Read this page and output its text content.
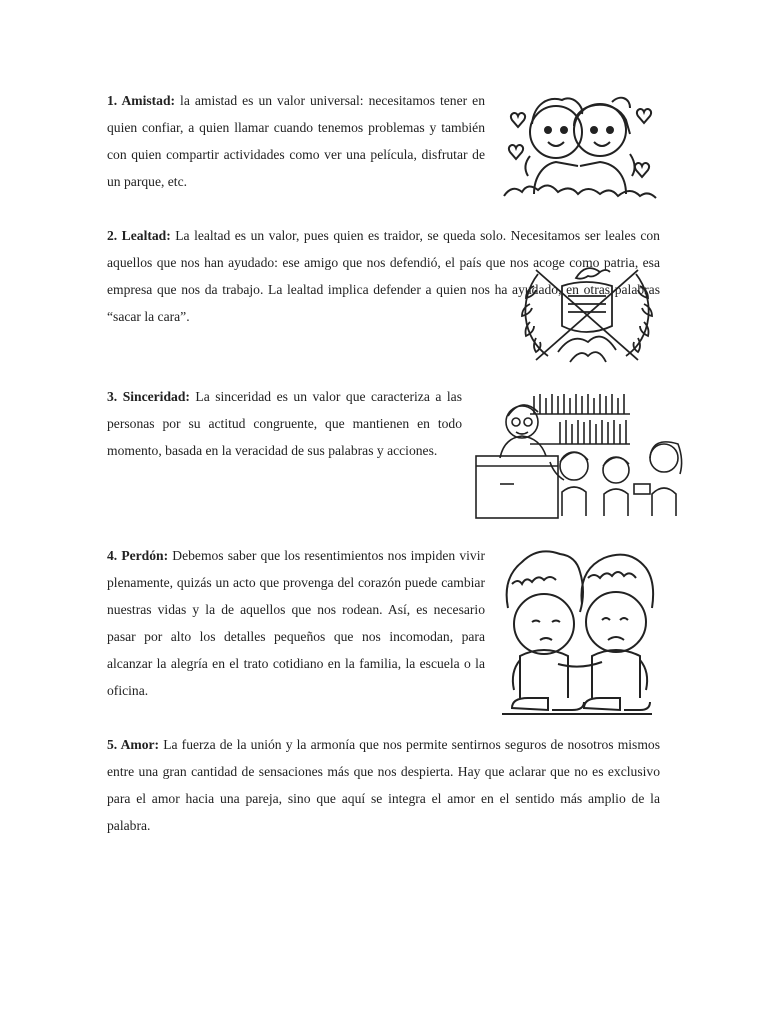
1. Amistad: la amistad es un valor universal: necesitamos tener en quien confiar, a quien llamar cuando tenemos problemas y también con quien compartir actividades como ver una película, disfrutar de un parque, etc.
2. Lealtad: La lealtad es un valor, pues quien es traidor, se queda solo. Necesitamos ser leales con aquellos que nos han ayudado: ese amigo que nos defendió, el país que nos acoge como patria, esa empresa que nos da trabajo. La lealtad implica defender a quien nos ha ayudado, en otras palabras “sacar la cara”.
3. Sinceridad: La sinceridad es un valor que caracteriza a las personas por su actitud congruente, que mantienen en todo momento, basada en la veracidad de sus palabras y acciones.
4. Perdón: Debemos saber que los resentimientos nos impiden vivir plenamente, quizás un acto que provenga del corazón puede cambiar nuestras vidas y la de aquellos que nos rodean. Así, es necesario pasar por alto los detalles pequeños que nos incomodan, para alcanzar la alegría en el trato cotidiano en la familia, la escuela o la oficina.
5. Amor: La fuerza de la unión y la armonía que nos permite sentirnos seguros de nosotros mismos entre una gran cantidad de sensaciones más que nos despierta. Hay que aclarar que no es exclusivo para el amor hacia una pareja, sino que aquí se integra el amor en el sentido más amplio de la palabra.
